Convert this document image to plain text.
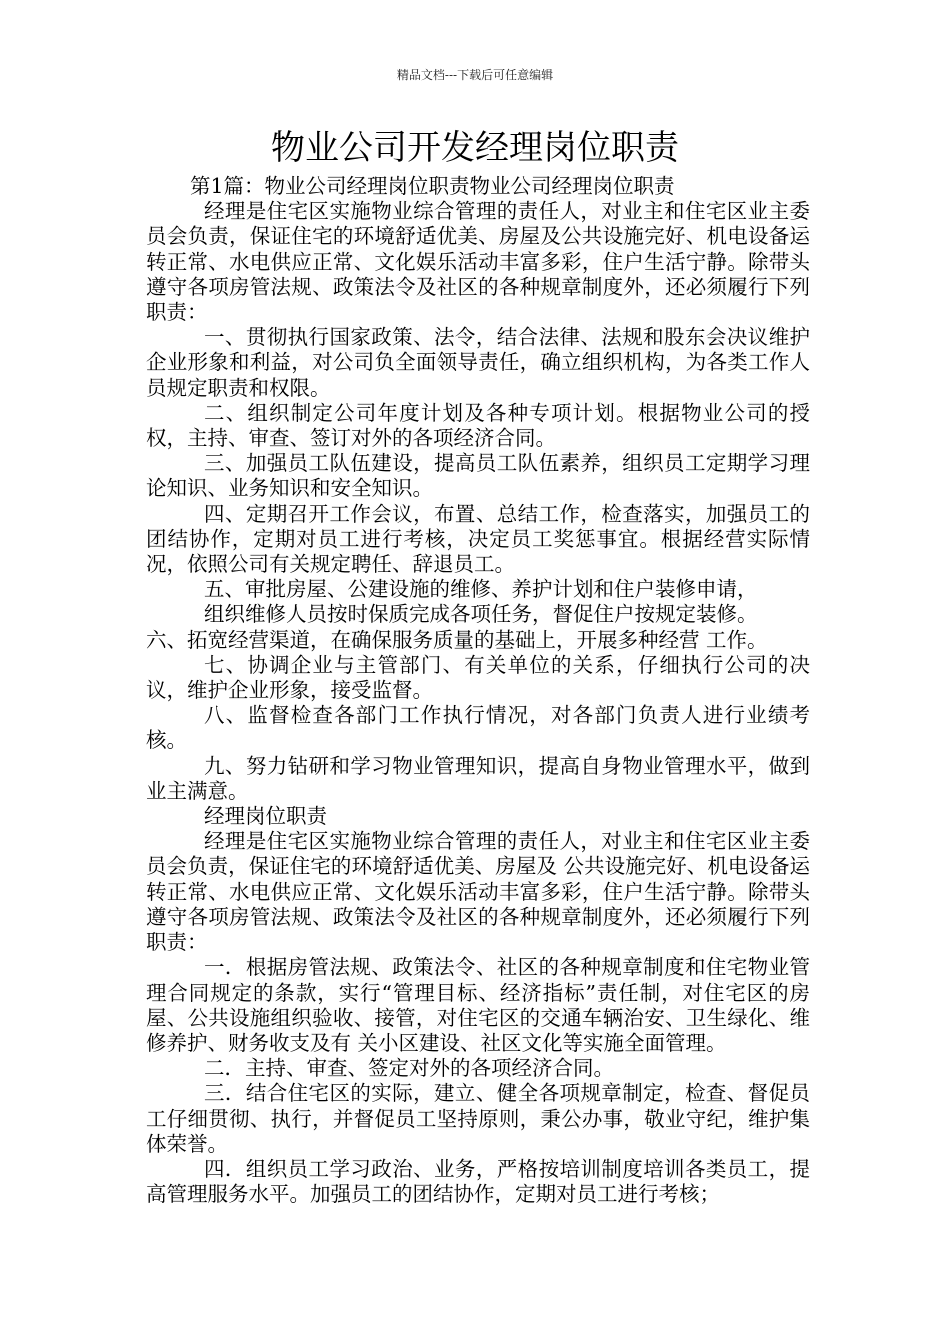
精品文档---下载后可任意编辑
物业公司开发经理岗位职责

第1篇：物业公司经理岗位职责物业公司经理岗位职责

经理是住宅区实施物业综合管理的责任人，对业主和住宅区业主委员会负责，保证住宅的环境舒适优美、房屋及公共设施完好、机电设备运转正常、水电供应正常、文化娱乐活动丰富多彩，住户生活宁静。除带头遵守各项房管法规、政策法令及社区的各种规章制度外，还必须履行下列职责：

一、贯彻执行国家政策、法令，结合法律、法规和股东会决议维护企业形象和利益，对公司负全面领导责任，确立组织机构，为各类工作人员规定职责和权限。

二、组织制定公司年度计划及各种专项计划。根据物业公司的授权，主持、审查、签订对外的各项经济合同。

三、加强员工队伍建设，提高员工队伍素养，组织员工定期学习理论知识、业务知识和安全知识。

四、定期召开工作会议，布置、总结工作，检查落实，加强员工的团结协作，定期对员工进行考核，决定员工奖惩事宜。根据经营实际情况，依照公司有关规定聘任、辞退员工。

五、审批房屋、公建设施的维修、养护计划和住户装修申请，

组织维修人员按时保质完成各项任务，督促住户按规定装修。

六、拓宽经营渠道，在确保服务质量的基础上，开展多种经营 工作。

七、协调企业与主管部门、有关单位的关系，仔细执行公司的决议，维护企业形象，接受监督。

八、监督检查各部门工作执行情况，对各部门负责人进行业绩考核。

九、努力钻研和学习物业管理知识，提高自身物业管理水平，做到业主满意。

经理岗位职责

经理是住宅区实施物业综合管理的责任人，对业主和住宅区业主委员会负责，保证住宅的环境舒适优美、房屋及 公共设施完好、机电设备运转正常、水电供应正常、文化娱乐活动丰富多彩，住户生活宁静。除带头遵守各项房管法规、政策法令及社区的各种规章制度外，还必须履行下列职责：

一．根据房管法规、政策法令、社区的各种规章制度和住宅物业管理合同规定的条款，实行“管理目标、经济指标”责任制，对住宅区的房屋、公共设施组织验收、接管，对住宅区的交通车辆治安、卫生绿化、维修养护、财务收支及有 关小区建设、社区文化等实施全面管理。

二．主持、审查、签定对外的各项经济合同。

三．结合住宅区的实际，建立、健全各项规章制定，检查、督促员工仔细贯彻、执行，并督促员工坚持原则，秉公办事，敬业守纪，维护集体荣誉。

四．组织员工学习政治、业务，严格按培训制度培训各类员工，提高管理服务水平。加强员工的团结协作，定期对员工进行考核；
